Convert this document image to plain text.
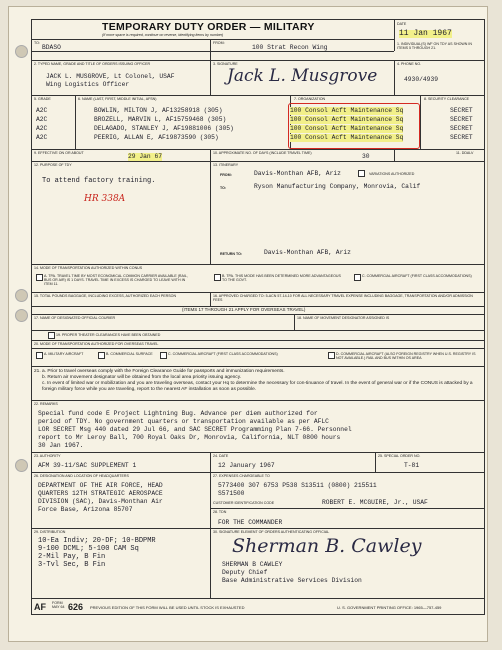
TEMPORARY DUTY ORDER — MILITARY
(If more space is required, continue on reverse, identifying items by number)
DATE
11 Jan 1967
TO:
BDASO
FROM:
100 Strat Recon Wing	1. INDIVIDUAL(S) WF ON TDY AS SHOWN IN ITEMS 5 THROUGH 21.
2. TYPED NAME, GRADE AND TITLE OF ORDERS ISSUING OFFICER
JACK L. MUSGROVE, Lt Colonel, USAF
Wing Logistics Officer
3. SIGNATURE
Jack L. Musgrove
4. PHONE NO.
4930/4939
5. GRADE	6. NAME (LAST, FIRST, MIDDLE INITIAL, AFSN)	7. ORGANIZATION	8. SECURITY CLEARANCE
A2C	BOWLIN, MILTON J, AF13258918 (305)	100 Consol Acft Maintenance Sq	SECRET
A2C	BROZELL, MARVIN L, AF15759468 (305)	100 Consol Acft Maintenance Sq	SECRET
A2C	DELAGADO, STANLEY J, AF19881006 (305)	100 Consol Acft Maintenance Sq	SECRET
A2C	PEERIG, ALLAN E, AF19873590 (305)	100 Consol Acft Maintenance Sq	SECRET
9. EFFECTIVE ON OR ABOUT	29 Jan 67	10. APPROXIMATE NO. OF DAYS (INCLUDE TRAVEL TIME)	30	11. DDALV
12. PURPOSE OF TDY
To attend factory training.
HR 338A
13. ITINERARY
FROM:	Davis-Monthan AFB, Ariz	VARIATIONS AUTHORIZED
TO:	Ryson Manufacturing Company, Monrovia, Calif
RETURN TO:	Davis-Monthan AFB, Ariz
14. MODE OF TRANSPORTATION AUTHORIZED WITHIN CONUS
A. TPA. TRAVEL TIME BY MOST ECONOMICAL COMMON CARRIER AVAILABLE (RAIL, BUS OR AIR) IS 1 DAYS. TRAVEL TIME IN EXCESS IS CHARGED TO LEAVE WITH IN ITEM 11.
B. TPA. THIS MODE HAS BEEN DETERMINED MORE ADVANTAGEOUS TO THE GOVT.
C. COMMERCIAL AIRCRAFT (FIRST CLASS ACCOMMODATIONS)
15. TOTAL POUNDS BAGGAGE, INCLUDING EXCESS, AUTHORIZED EACH PERSON	16. APPROVED CHARGED TO: 5-ACN 57-14-10 FOR ALL NECESSARY TRAVEL EXPENSE INCLUDING BAGGAGE, TRANSPORTATION AND/OR ADMISSION FEES
(ITEMS 17 THROUGH 21 APPLY FOR OVERSEAS TRAVEL)
17. NAME OF DESIGNATED OFFICIAL COURIER	18. NAME OF MOVEMENT DESIGNATOR ASSIGNED IS
19. PROPER THEATER CLEARANCES HAVE BEEN OBTAINED
20. MODE OF TRANSPORTATION AUTHORIZED FOR OVERSEAS TRAVEL
A. MILITARY AIRCRAFT	B. COMMERCIAL SURFACE	C. COMMERCIAL AIRCRAFT (FIRST CLASS ACCOMMODATIONS)	D. COMMERCIAL AIRCRAFT (ALSO FOREIGN REGISTRY WHEN U.S. REGISTRY IS NOT AVAILABLE.) RAIL AND BUS WITHIN OS AREA
21. a. Prior to travel overseas comply with the Foreign Clearance Guide for passports and immunization requirements.
b. Return air movement designator will be obtained from the local area priority issuing agency.
c. In event of limited war or mobilization and you are traveling overseas, contact your Hq to determine the necessary for con-tinuance of travel. In the event of general war or if the CONUS is attacked by a foreign military force while you are traveling, report to the nearest AF installation as soon as possible.
22. REMARKS
Special fund code E Project Lightning Bug. Advance per diem authorized for
period of TDY. No government quarters or transportation available as per AFLC
LOR SECRET Msg 440 dated 29 Jul 66, and SAC SECRET Programming Plan 7-66. Personnel
report to Mr Leroy Ball, 700 Royal Oaks Dr, Monrovia, California, NLT 0800 hours
30 Jan 1967.
23. AUTHORITY
AFM 39-11/SAC SUPPLEMENT 1
24. DATE
12 January 1967
25. SPECIAL ORDER NO.
T-81
26. DESIGNATION AND LOCATION OF HEADQUARTERS
DEPARTMENT OF THE AIR FORCE, HEAD
QUARTERS 12TH STRATEGIC AEROSPACE
DIVISION (SAC), Davis-Monthan Air
Force Base, Arizona 85707
27. EXPENSES CHARGEABLE TO
5773400 307 6753 P538 S13511 (0800) 215511
S571500
CUSTOMER IDENTIFICATION CODE	ROBERT E. MCGUIRE, Jr., USAF
28. TDN
FOR THE COMMANDER
29. DISTRIBUTION
10-Ea Indiv; 20-DF; 10-BDPMR
9-100 DCML; 5-100 CAM Sq
2-Mil Pay, B Fin
3-Tvl Sec, B Fin
30. SIGNATURE ELEMENT OF ORDERS AUTHENTICATING OFFICIAL
Sherman B. Cawley
SHERMAN B CAWLEY
Deputy Chief
Base Administrative Services Division
AF FORM MAY 64 626 PREVIOUS EDITION OF THIS FORM WILL BE USED UNTIL STOCK IS EXHAUSTED	U. S. GOVERNMENT PRINTING OFFICE: 1965—757-459
